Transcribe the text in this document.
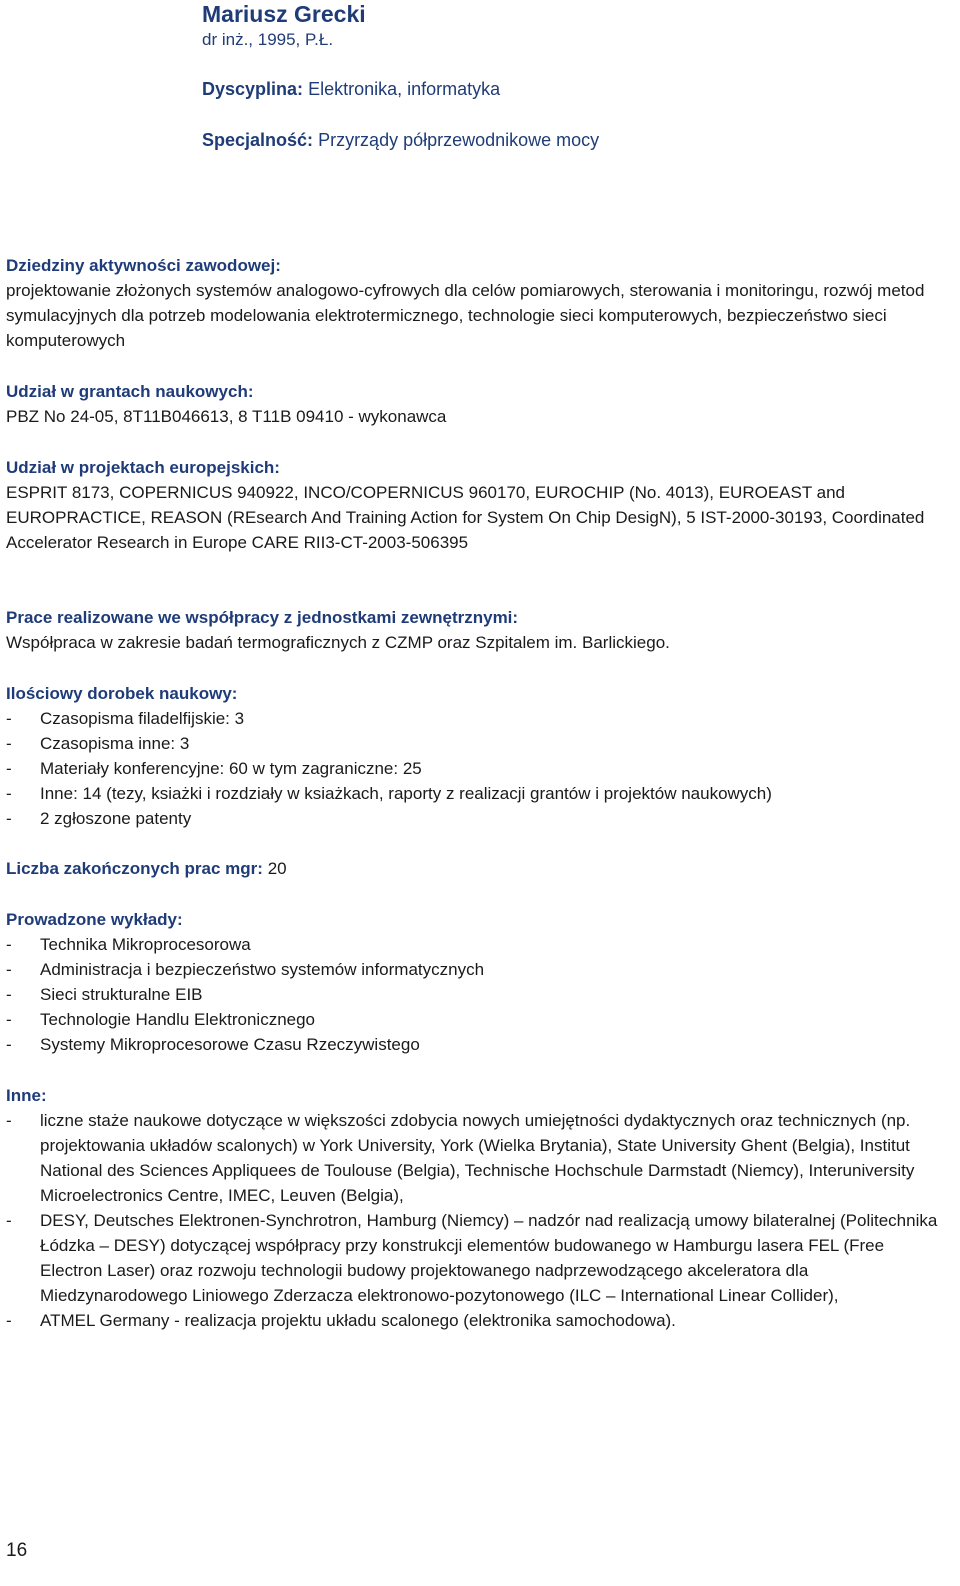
Mariusz Grecki
dr inż., 1995, P.Ł.
Dyscyplina: Elektronika, informatyka
Specjalność: Przyrządy półprzewodnikowe mocy
Dziedziny aktywności zawodowej:

projektowanie złożonych systemów analogowo-cyfrowych dla celów pomiarowych, sterowania i monitoringu, rozwój metod symulacyjnych dla potrzeb modelowania elektrotermicznego, technologie sieci komputerowych, bezpieczeństwo sieci komputerowych

Udział w grantach naukowych:

PBZ No 24-05, 8T11B046613, 8 T11B 09410 - wykonawca

Udział w projektach europejskich:

ESPRIT 8173, COPERNICUS 940922, INCO/COPERNICUS 960170, EUROCHIP (No. 4013), EUROEAST and EUROPRACTICE, REASON (REsearch And Training Action for System On Chip DesigN), 5 IST-2000-30193, Coordinated Accelerator Research in Europe CARE RII3-CT-2003-506395

Prace realizowane we współpracy z jednostkami zewnętrznymi:

Współpraca w zakresie badań termograficznych z CZMP oraz Szpitalem im. Barlickiego.

Ilościowy dorobek naukowy:
- Czasopisma filadelfijskie: 3
- Czasopisma inne: 3
- Materiały konferencyjne: 60 w tym zagraniczne: 25
- Inne: 14 (tezy, ksiażki i rozdziały w ksiażkach, raporty z realizacji grantów i projektów naukowych)
- 2 zgłoszone patenty
Liczba zakończonych prac mgr: 20
Prowadzone wykłady:
- Technika Mikroprocesorowa
- Administracja i bezpieczeństwo systemów informatycznych
- Sieci strukturalne EIB
- Technologie Handlu Elektronicznego
- Systemy Mikroprocesorowe Czasu Rzeczywistego
Inne:
- liczne staże naukowe dotyczące w większości zdobycia nowych umiejętności dydaktycznych oraz technicznych (np. projektowania układów scalonych) w York University, York (Wielka Brytania), State University Ghent (Belgia), Institut National des Sciences Appliquees de Toulouse (Belgia), Technische Hochschule Darmstadt (Niemcy), Interuniversity Microelectronics Centre, IMEC, Leuven (Belgia),
- DESY, Deutsches Elektronen-Synchrotron, Hamburg (Niemcy) – nadzór nad realizacją umowy bilateralnej (Politechnika Łódzka – DESY) dotyczącej współpracy przy konstrukcji elementów budowanego w Hamburgu lasera FEL (Free Electron Laser) oraz rozwoju technologii budowy projektowanego nadprzewodzącego akceleratora dla Miedzynarodowego Liniowego Zderzacza elektronowo-pozytonowego (ILC – International Linear Collider),
- ATMEL Germany - realizacja projektu układu scalonego (elektronika samochodowa).
16
